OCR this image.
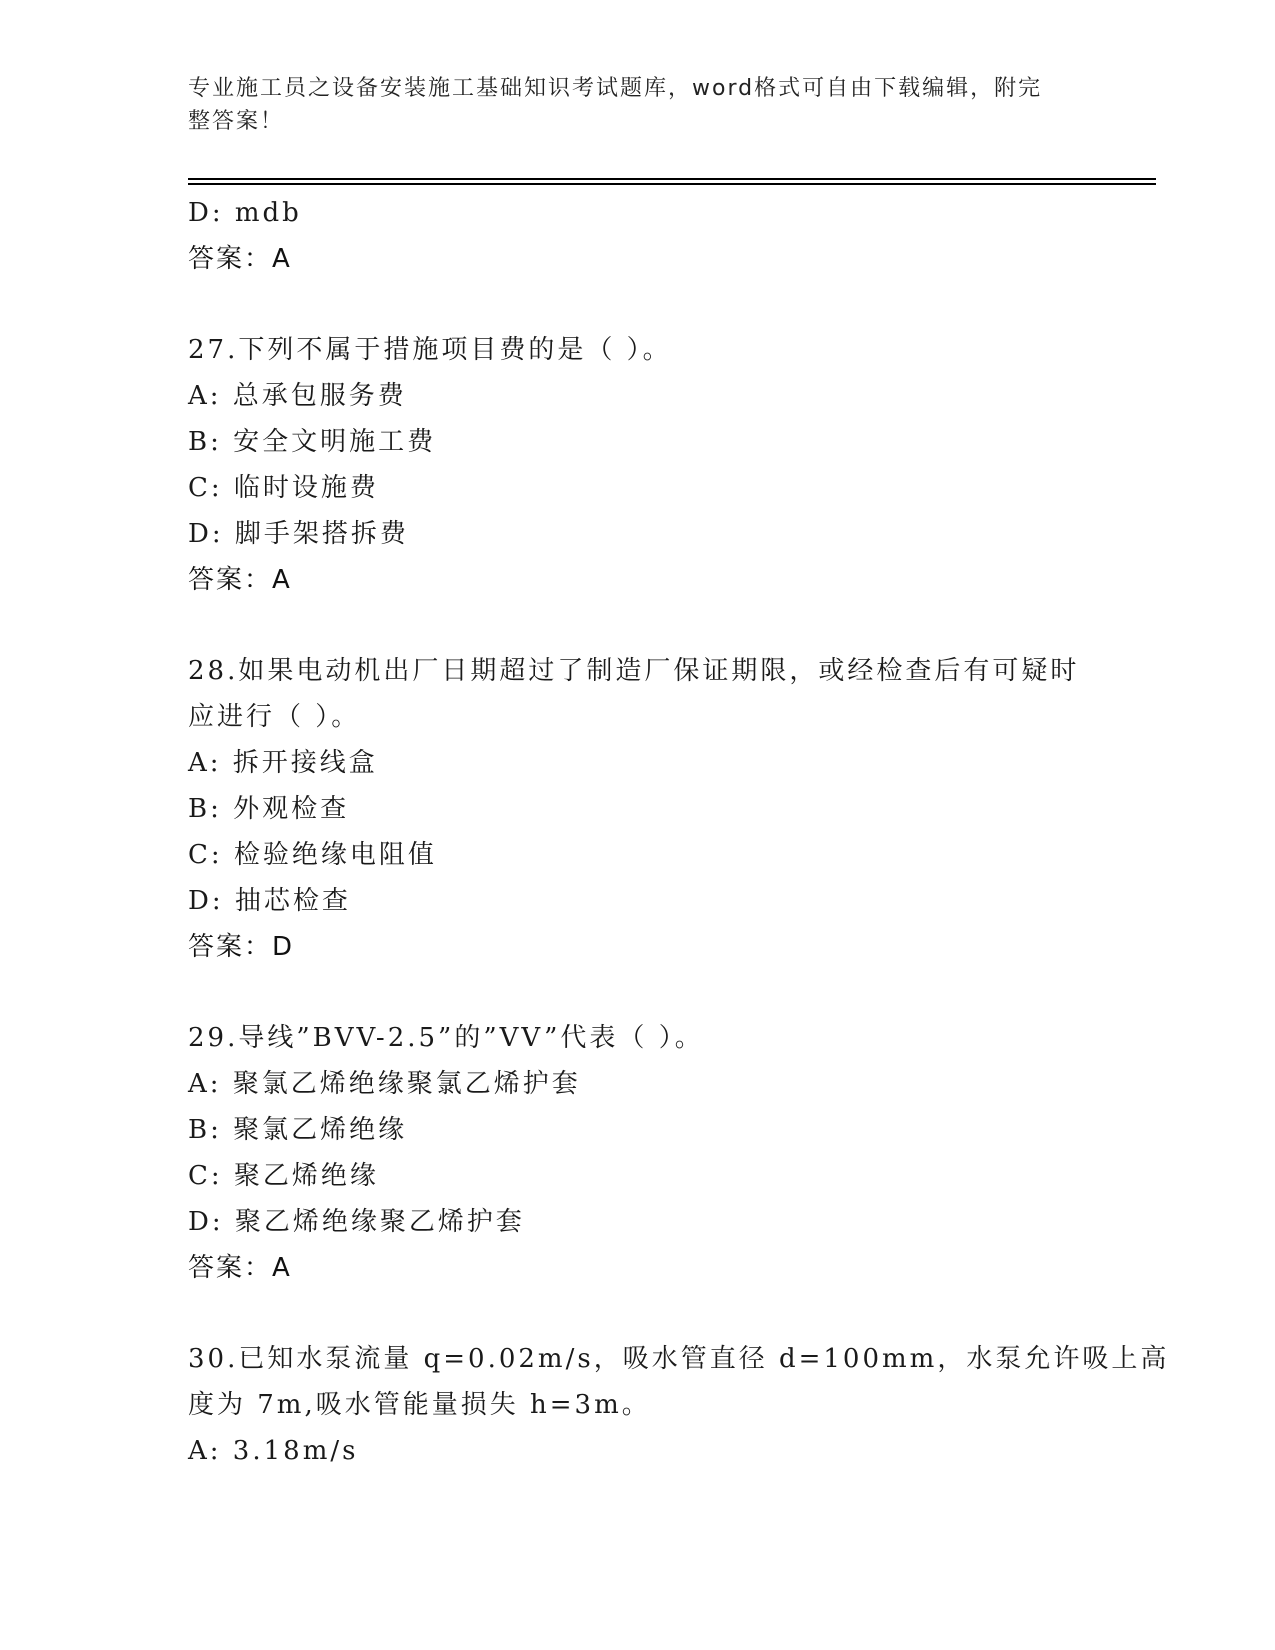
专业施工员之设备安装施工基础知识考试题库，word格式可自由下载编辑，附完
整答案！
D: mdb
答案：A
27.下列不属于措施项目费的是（ ）。
A: 总承包服务费
B: 安全文明施工费
C: 临时设施费
D: 脚手架搭拆费
答案：A
28.如果电动机出厂日期超过了制造厂保证期限，或经检查后有可疑时
应进行（ ）。
A: 拆开接线盒
B: 外观检查
C: 检验绝缘电阻值
D: 抽芯检查
答案：D
29.导线”BVV-2.5”的”VV”代表（ ）。
A: 聚氯乙烯绝缘聚氯乙烯护套
B: 聚氯乙烯绝缘
C: 聚乙烯绝缘
D: 聚乙烯绝缘聚乙烯护套
答案：A
30.已知水泵流量 q=0.02m/s，吸水管直径 d=100mm，水泵允许吸上高
度为 7m,吸水管能量损失 h=3m。
A: 3.18m/s
